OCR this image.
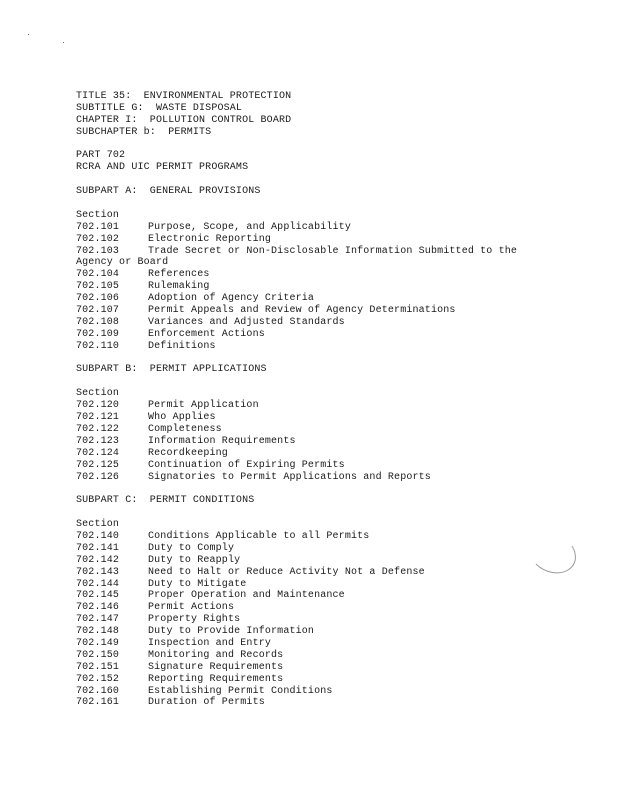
TITLE 35:  ENVIRONMENTAL PROTECTION
SUBTITLE G:  WASTE DISPOSAL
CHAPTER I:  POLLUTION CONTROL BOARD
SUBCHAPTER b:  PERMITS
PART 702
RCRA AND UIC PERMIT PROGRAMS
SUBPART A:  GENERAL PROVISIONS
Section
702.101	Purpose, Scope, and Applicability
702.102	Electronic Reporting
702.103	Trade Secret or Non-Disclosable Information Submitted to the
Agency or Board
702.104	References
702.105	Rulemaking
702.106	Adoption of Agency Criteria
702.107	Permit Appeals and Review of Agency Determinations
702.108	Variances and Adjusted Standards
702.109	Enforcement Actions
702.110	Definitions
SUBPART B:  PERMIT APPLICATIONS
Section
702.120	Permit Application
702.121	Who Applies
702.122	Completeness
702.123	Information Requirements
702.124	Recordkeeping
702.125	Continuation of Expiring Permits
702.126	Signatories to Permit Applications and Reports
SUBPART C:  PERMIT CONDITIONS
Section
702.140	Conditions Applicable to all Permits
702.141	Duty to Comply
702.142	Duty to Reapply
702.143	Need to Halt or Reduce Activity Not a Defense
702.144	Duty to Mitigate
702.145	Proper Operation and Maintenance
702.146	Permit Actions
702.147	Property Rights
702.148	Duty to Provide Information
702.149	Inspection and Entry
702.150	Monitoring and Records
702.151	Signature Requirements
702.152	Reporting Requirements
702.160	Establishing Permit Conditions
702.161	Duration of Permits
